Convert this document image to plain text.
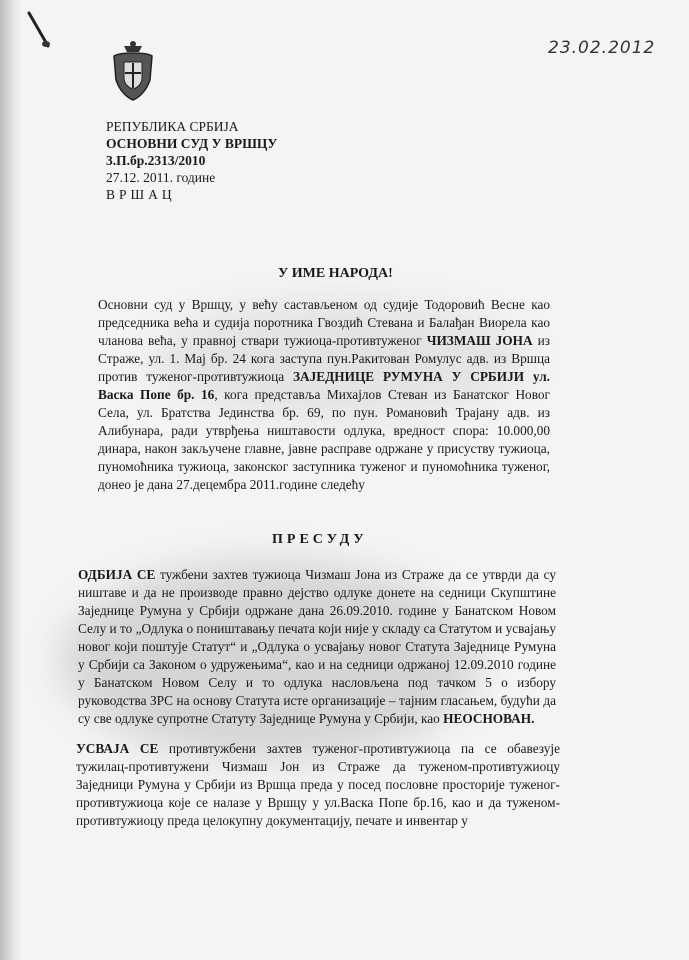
23.02.2012
РЕПУБЛИКА СРБИЈА
ОСНОВНИ СУД У ВРШЦУ
3.П.бр.2313/2010
27.12. 2011. године
ВРШАЦ
У ИМЕ НАРОДА!

Основни суд у Вршцу, у већу састављеном од судије Тодоровић Весне као председника већа и судија поротника Гвоздић Стевана и Балађан Виорела као чланова већа, у правној ствари тужиоца-противтуженог ЧИЗМАШ ЈОНА из Страже, ул. 1. Мај бр. 24 кога заступа пун.Ракитован Ромулус адв. из Вршца против туженог-противтужиоца ЗАЈЕДНИЦЕ РУМУНА У СРБИЈИ ул. Васка Попе бр. 16, кога представља Михајлов Стеван из Банатског Новог Села, ул. Братства Јединства бр. 69, по пун. Романовић Трајану адв. из Алибунара, ради утврђења ништавости одлука, вредност спора: 10.000,00 динара, након закључене главне, јавне расправе одржане у присуству тужиоца, пуномоћника тужиоца, законског заступника туженог и пуномоћника туженог, донео је дана 27.децембра 2011.године следећу

ПРЕСУДУ

ОДБИЈА СЕ тужбени захтев тужиоца Чизмаш Јона из Страже да се утврди да су ништаве и да не производе правно дејство одлуке донете на седници Скупштине Заједнице Румуна у Србији одржане дана 26.09.2010. године у Банатском Новом Селу и то „Одлука о поништавању печата који није у складу са Статутом и усвајању новог који поштује Статут“ и „Одлука о усвајању новог Статута Заједнице Румуна у Србији са Законом о удружењима“, као и на седници одржаној 12.09.2010 године у Банатском Новом Селу и то одлука насловљена под тачком 5 о избору руководства ЗРС на основу Статута исте организације – тајним гласањем, будући да су све одлуке супротне Статуту Заједнице Румуна у Србији, као НЕОСНОВАН.

УСВАЈА СЕ противтужбени захтев туженог-противтужиоца па се обавезује тужилац-противтужени Чизмаш Јон из Страже да туженом-противтужиоцу Заједници Румуна у Србији из Вршца преда у посед пословне просторије туженог-противтужиоца које се налазе у Вршцу у ул.Васка Попе бр.16, као и да туженом-противтужиоцу преда целокупну документацију, печате и инвентар у
